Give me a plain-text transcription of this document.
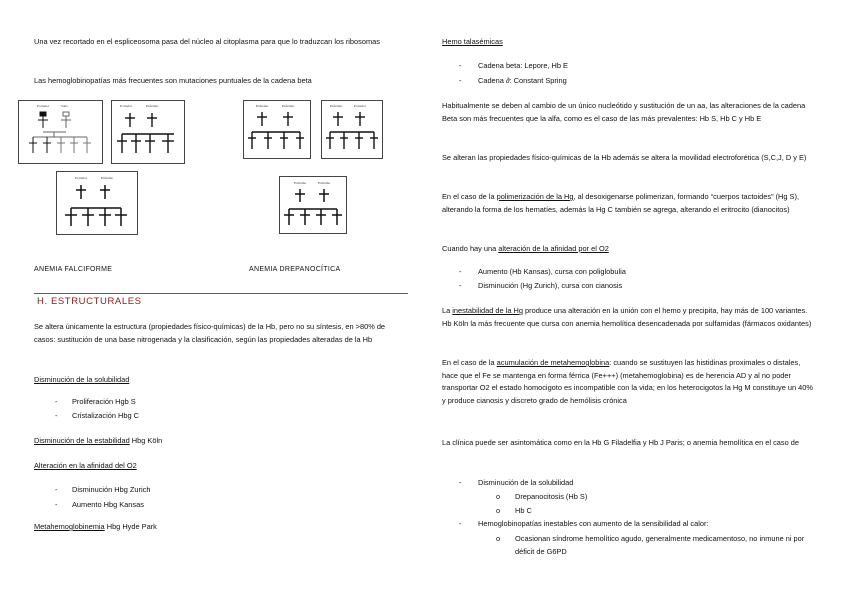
Una vez recortado en el espliceosoma pasa del núcleo al citoplasma para que lo traduzcan los ribosomas

Las hemoglobinopatías más frecuentes son mutaciones puntuales de la cadena beta

Portador	Sano	Portador	Enfermo
Portador	Enfermo
Enfermo	Enfermo	Enfermo	Portador
Enfermo	Enfermo
ANEMIA FALCIFORME	ANEMIA DREPANOCÍTICA
H. ESTRUCTURALES

Se altera únicamente la estructura (propiedades físico-químicas) de la Hb, pero no su síntesis, en >80% de casos: sustitución de una base nitrogenada y la clasificación, según las propiedades alteradas de la Hb

Disminución de la solubilidad

- Proliferación Hgb S
- Cristalización Hbg C

Disminución de la estabilidad Hbg Köln

Alteración en la afinidad del O2

- Disminución Hbg Zurich
- Aumento Hbg Kansas

Metahemoglobinemia Hbg Hyde Park

Hemo talasémicas

- Cadena beta: Lepore, Hb E
- Cadena ∂: Constant Spring

Habitualmente se deben al cambio de un único nucleótido y sustitución de un aa, las alteraciones de la cadena Beta son más frecuentes que la alfa, como es el caso de las más prevalentes: Hb S, Hb C y Hb E

Se alteran las propiedades físico-químicas de la Hb además se altera la movilidad electroforética (S,C,J, D y E)

En el caso de la polimerización de la Hg, al desoxigenarse polimerizan, formando “cuerpos tactoides” (Hg S), alterando la forma de los hematíes, además la Hg C también se agrega, alterando el eritrocito (dianocitos)

Cuando hay una alteración de la afinidad por el O2

- Aumento (Hb Kansas), cursa con poliglobulia
- Disminución (Hg Zurich), cursa con cianosis

La inestabilidad de la Hg produce una alteración en la unión con el hemo y precipita, hay más de 100 variantes. Hb Köln la más frecuente que cursa con anemia hemolítica desencadenada por sulfamidas (fármacos oxidantes)

En el caso de la acumulación de metahemoglobina: cuando se sustituyen las histidinas proximales o distales, hace que el Fe se mantenga en forma férrica (Fe+++) (metahemoglobina) es de herencia AD y al no poder transportar O2 el estado homocigoto es incompatible con la vida; en los heterocigotos la Hg M constituye un 40% y produce cianosis y discreto grado de hemólisis crónica

La clínica puede ser asintomática como en la Hb G Filadelfia y Hb J Paris; o anemia hemolítica en el caso de

- Disminución de la solubilidad
o Drepanocitosis (Hb S)
o Hb C
- Hemoglobinopatías inestables con aumento de la sensibilidad al calor:
o Ocasionan síndrome hemolítico agudo, generalmente medicamentoso, no inmune ni por déficit de G6PD
